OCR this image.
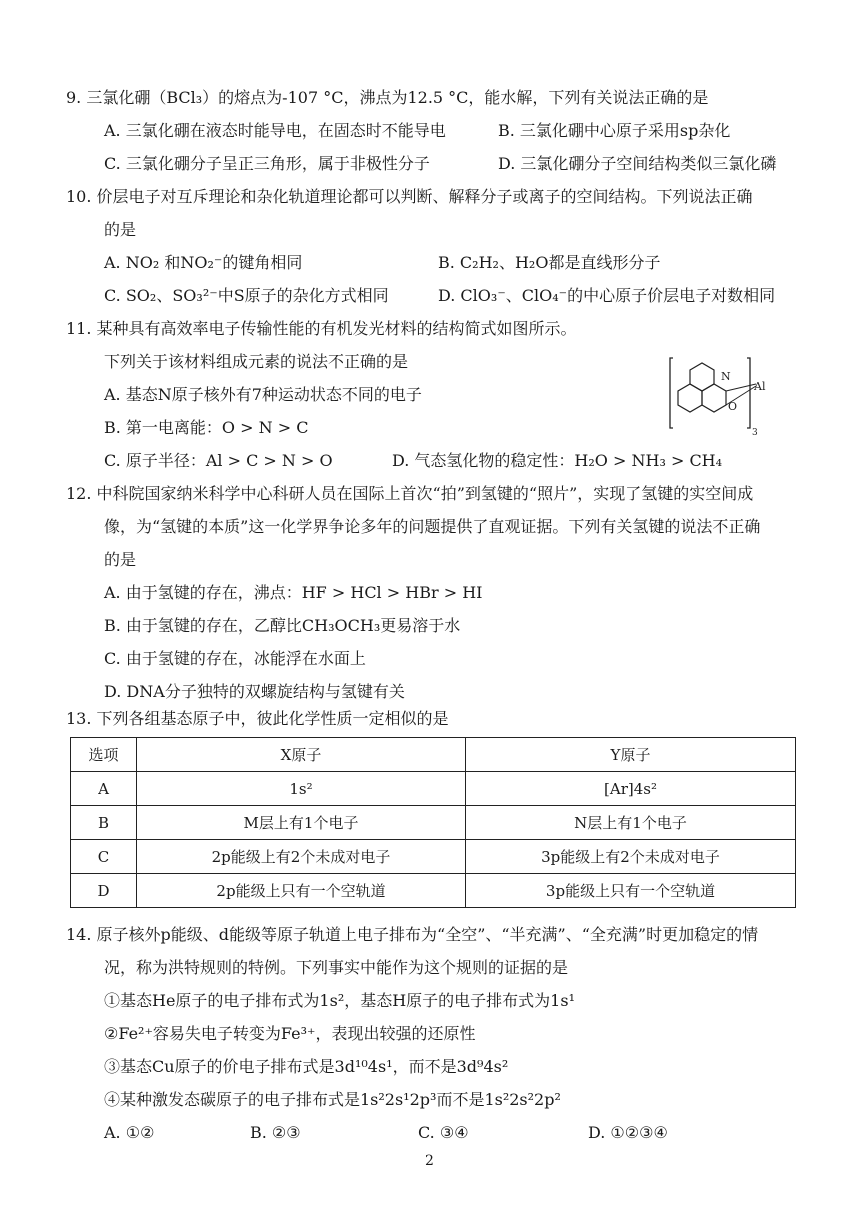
9. 三氯化硼（BCl₃）的熔点为-107 °C，沸点为12.5 °C，能水解，下列有关说法正确的是
A. 三氯化硼在液态时能导电，在固态时不能导电	B. 三氯化硼中心原子采用sp杂化
C. 三氯化硼分子呈正三角形，属于非极性分子	D. 三氯化硼分子空间结构类似三氯化磷
10. 价层电子对互斥理论和杂化轨道理论都可以判断、解释分子或离子的空间结构。下列说法正确
的是
A. NO₂ 和NO₂⁻的键角相同	B. C₂H₂、H₂O都是直线形分子
C. SO₂、SO₃²⁻中S原子的杂化方式相同	D. ClO₃⁻、ClO₄⁻的中心原子价层电子对数相同
11. 某种具有高效率电子传输性能的有机发光材料的结构简式如图所示。
下列关于该材料组成元素的说法不正确的是
A. 基态N原子核外有7种运动状态不同的电子
B. 第一电离能：O > N > C
C. 原子半径：Al > C > N > O	D. 气态氢化物的稳定性：H₂O > NH₃ > CH₄
N
O
Al
3
12. 中科院国家纳米科学中心科研人员在国际上首次“拍”到氢键的“照片”，实现了氢键的实空间成
像，为“氢键的本质”这一化学界争论多年的问题提供了直观证据。下列有关氢键的说法不正确
的是
A. 由于氢键的存在，沸点：HF > HCl > HBr > HI
B. 由于氢键的存在，乙醇比CH₃OCH₃更易溶于水
C. 由于氢键的存在，冰能浮在水面上
D. DNA分子独特的双螺旋结构与氢键有关
13. 下列各组基态原子中，彼此化学性质一定相似的是
选项	X原子	Y原子
A	1s²	[Ar]4s²
B	M层上有1个电子	N层上有1个电子
C	2p能级上有2个未成对电子	3p能级上有2个未成对电子
D	2p能级上只有一个空轨道	3p能级上只有一个空轨道
14. 原子核外p能级、d能级等原子轨道上电子排布为“全空”、“半充满”、“全充满”时更加稳定的情
况，称为洪特规则的特例。下列事实中能作为这个规则的证据的是
①基态He原子的电子排布式为1s²，基态H原子的电子排布式为1s¹
②Fe²⁺容易失电子转变为Fe³⁺，表现出较强的还原性
③基态Cu原子的价电子排布式是3d¹⁰4s¹，而不是3d⁹4s²
④某种激发态碳原子的电子排布式是1s²2s¹2p³而不是1s²2s²2p²
A. ①②	B. ②③	C. ③④	D. ①②③④
2
